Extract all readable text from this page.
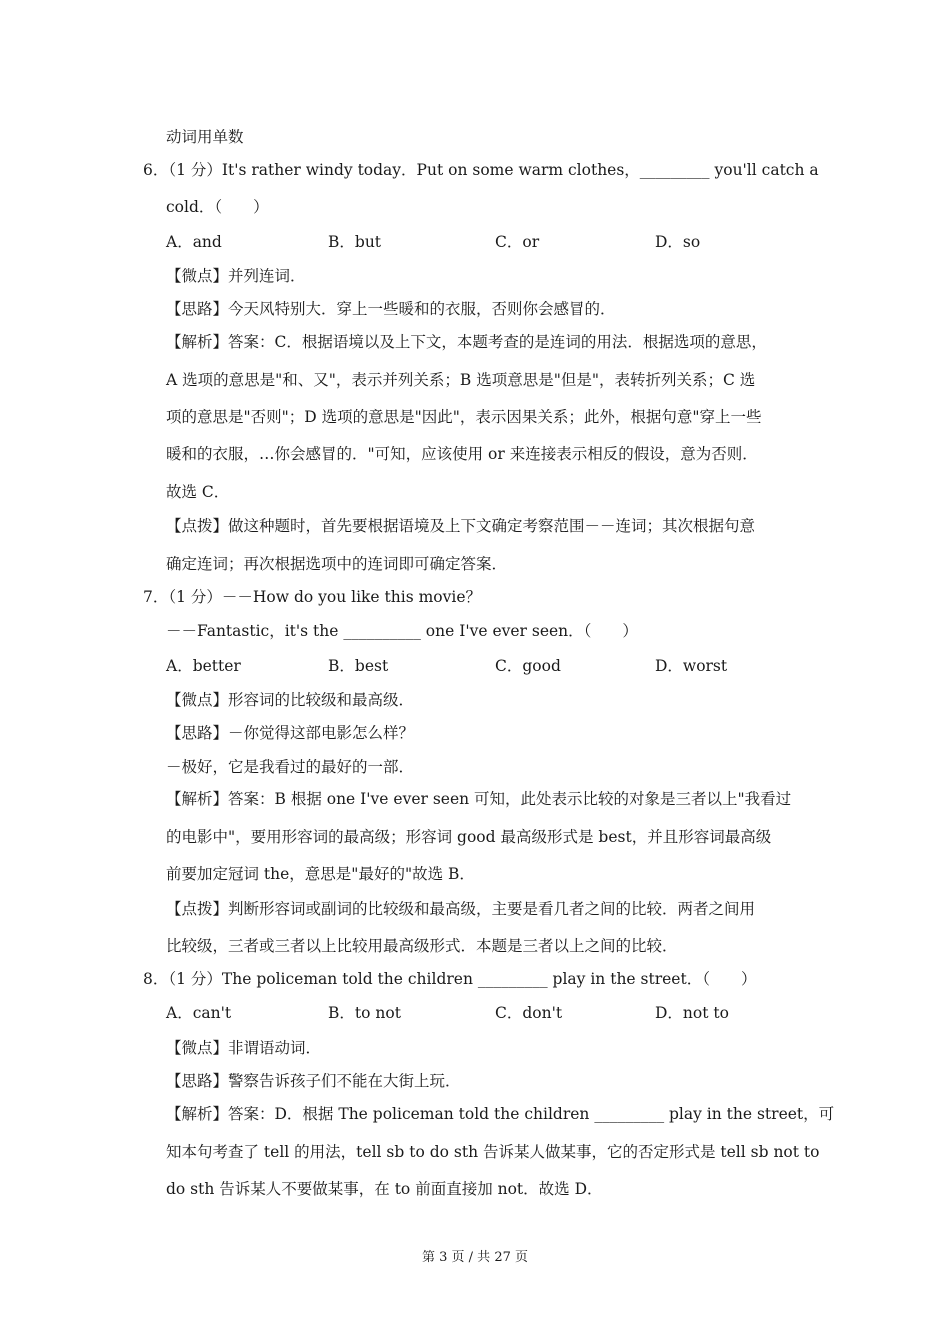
动词用单数
6．（1 分）It's rather windy today．Put on some warm clothes，_________ you'll catch a
cold．（　　）
A．and	B．but	C．or	D．so
【微点】并列连词．
【思路】今天风特别大．穿上一些暖和的衣服，否则你会感冒的．
【解析】答案：C．根据语境以及上下文，本题考查的是连词的用法．根据选项的意思，
A 选项的意思是"和、又"，表示并列关系；B 选项意思是"但是"，表转折列关系；C 选
项的意思是"否则"；D 选项的意思是"因此"，表示因果关系；此外，根据句意"穿上一些
暖和的衣服，…你会感冒的．"可知，应该使用 or 来连接表示相反的假设，意为否则．
故选 C．
【点拨】做这种题时，首先要根据语境及上下文确定考察范围－－连词；其次根据句意
确定连词；再次根据选项中的连词即可确定答案．
7．（1 分）－－How do you like this movie？
－－Fantastic，it's the __________ one I've ever seen．（　　）
A．better	B．best	C．good	D．worst
【微点】形容词的比较级和最高级．
【思路】－你觉得这部电影怎么样？
－极好，它是我看过的最好的一部．
【解析】答案：B 根据 one I've ever seen 可知，此处表示比较的对象是三者以上"我看过
的电影中"，要用形容词的最高级；形容词 good 最高级形式是 best，并且形容词最高级
前要加定冠词 the，意思是"最好的"故选 B．
【点拨】判断形容词或副词的比较级和最高级，主要是看几者之间的比较．两者之间用
比较级，三者或三者以上比较用最高级形式．本题是三者以上之间的比较．
8．（1 分）The policeman told the children _________ play in the street．（　　）
A．can't	B．to not	C．don't	D．not to
【微点】非谓语动词．
【思路】警察告诉孩子们不能在大街上玩．
【解析】答案：D．根据 The policeman told the children _________ play in the street，可
知本句考查了 tell 的用法，tell sb to do sth 告诉某人做某事，它的否定形式是 tell sb not to
do sth 告诉某人不要做某事，在 to 前面直接加 not．故选 D．
第 3 页 / 共 27 页
